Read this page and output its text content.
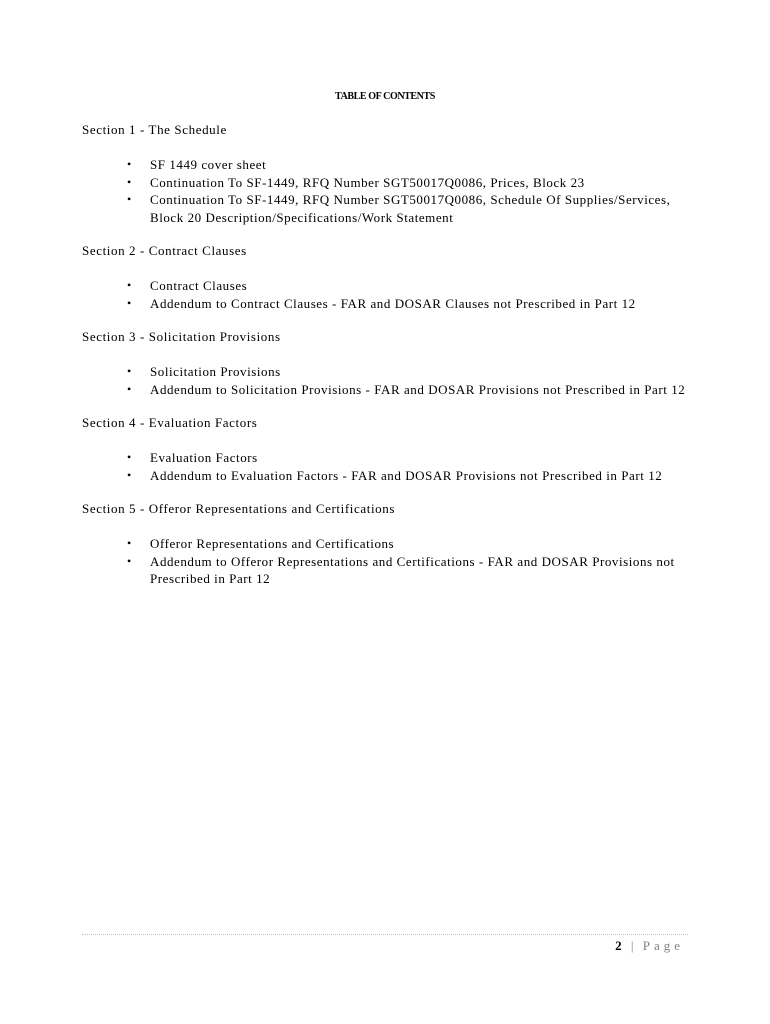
TABLE OF CONTENTS
Section 1 - The Schedule
• SF 1449 cover sheet
• Continuation To SF-1449, RFQ Number SGT50017Q0086, Prices, Block 23
• Continuation To SF-1449, RFQ Number SGT50017Q0086, Schedule Of Supplies/Services, Block 20 Description/Specifications/Work Statement
Section 2 - Contract Clauses
• Contract Clauses
• Addendum to Contract Clauses - FAR and DOSAR Clauses not Prescribed in Part 12
Section 3 - Solicitation Provisions
• Solicitation Provisions
• Addendum to Solicitation Provisions - FAR and DOSAR Provisions not Prescribed in Part 12
Section 4 - Evaluation Factors
• Evaluation Factors
• Addendum to Evaluation Factors - FAR and DOSAR Provisions not Prescribed in Part 12
Section 5 - Offeror Representations and Certifications
• Offeror Representations and Certifications
• Addendum to Offeror Representations and Certifications - FAR and DOSAR Provisions not Prescribed in Part 12
2 | Page
